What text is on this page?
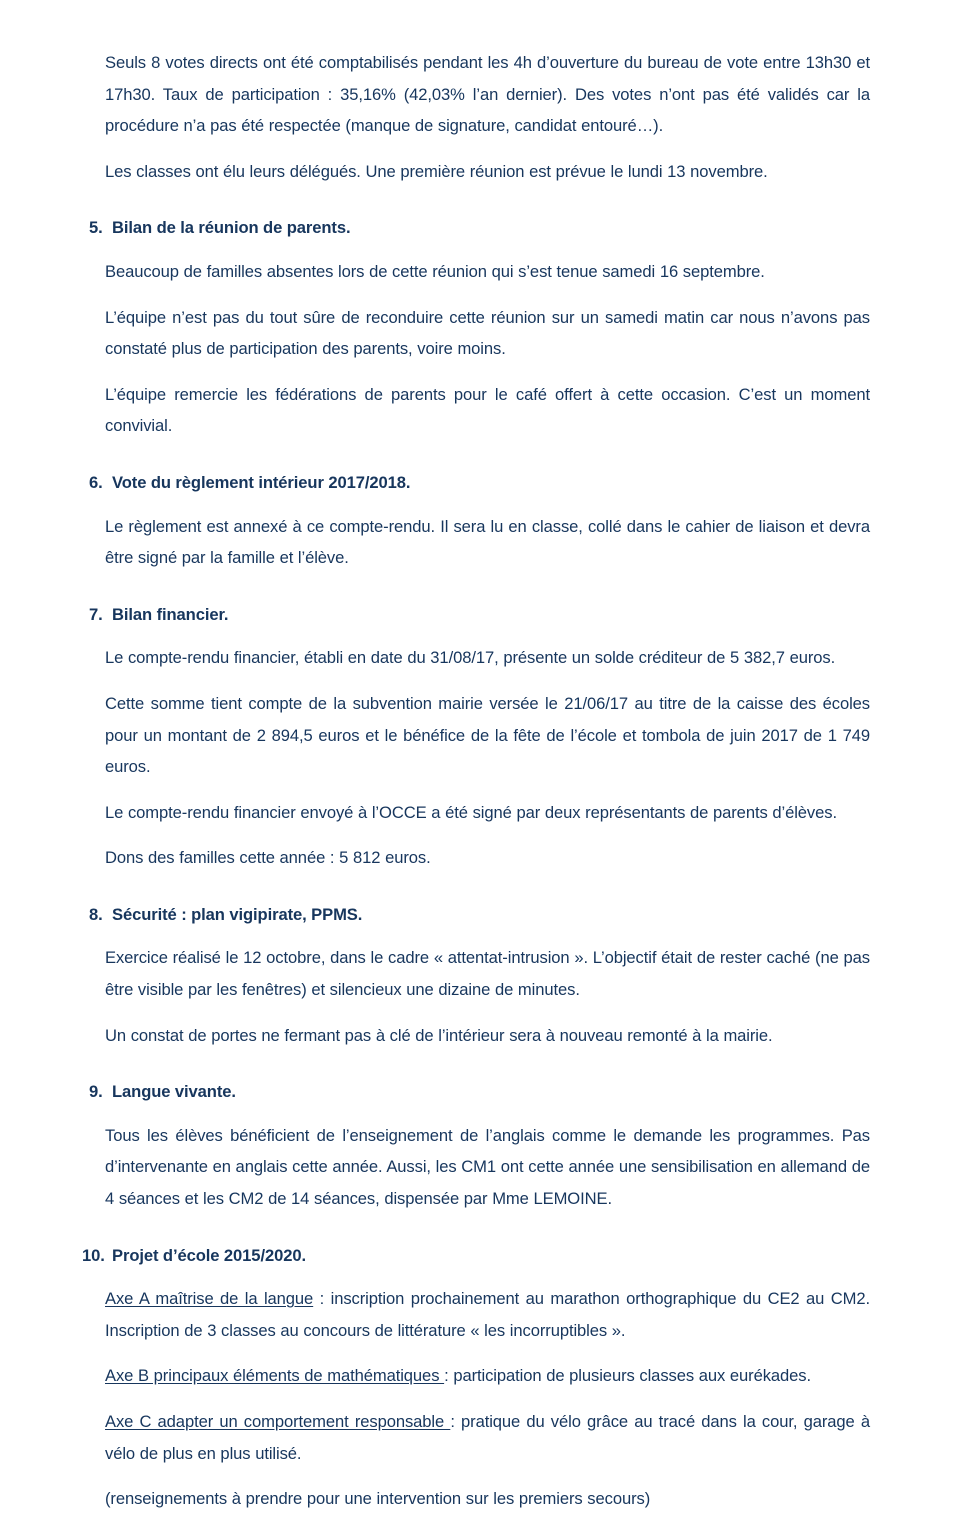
Seuls 8 votes directs ont été comptabilisés pendant les 4h d’ouverture du bureau de vote entre 13h30 et 17h30. Taux de participation : 35,16% (42,03% l’an dernier). Des votes n’ont pas été validés car la procédure n’a pas été respectée (manque de signature, candidat entouré…).

Les classes ont élu leurs délégués. Une première réunion est prévue le lundi 13 novembre.

5. Bilan de la réunion de parents.

Beaucoup de familles absentes lors de cette réunion qui s’est tenue samedi 16 septembre.

L’équipe n’est pas du tout sûre de reconduire cette réunion sur un samedi matin car nous n’avons pas constaté plus de participation des parents, voire moins.

L’équipe remercie les fédérations de parents pour le café offert à cette occasion. C’est un moment convivial.

6. Vote du règlement intérieur 2017/2018.

Le règlement est annexé à ce compte-rendu. Il sera lu en classe, collé dans le cahier de liaison et devra être signé par la famille et l’élève.

7. Bilan financier.

Le compte-rendu financier, établi en date du 31/08/17, présente un solde créditeur de 5 382,7 euros.

Cette somme tient compte de la subvention mairie versée le 21/06/17 au titre de la caisse des écoles pour un montant de 2 894,5 euros et le bénéfice de la fête de l’école et tombola de juin 2017 de 1 749 euros.

Le compte-rendu financier envoyé à l’OCCE a été signé par deux représentants de parents d’élèves.

Dons des familles cette année : 5 812 euros.

8. Sécurité : plan vigipirate, PPMS.

Exercice réalisé le 12 octobre, dans le cadre « attentat-intrusion ». L’objectif était de rester caché (ne pas être visible par les fenêtres) et silencieux une dizaine de minutes.

Un constat de portes ne fermant pas à clé de l’intérieur sera à nouveau remonté à la mairie.

9. Langue vivante.

Tous les élèves bénéficient de l’enseignement de l’anglais comme le demande les programmes. Pas d’intervenante en anglais cette année. Aussi, les CM1 ont cette année une sensibilisation en allemand de 4 séances et les CM2 de 14 séances, dispensée par Mme LEMOINE.

10. Projet d’école 2015/2020.

Axe A maîtrise de la langue : inscription prochainement au marathon orthographique du CE2 au CM2. Inscription de 3 classes au concours de littérature « les incorruptibles ».

Axe B principaux éléments de mathématiques : participation de plusieurs classes aux eurékades.

Axe C adapter un comportement responsable : pratique du vélo grâce au tracé dans la cour, garage à vélo de plus en plus utilisé.

(renseignements à prendre pour une intervention sur les premiers secours)
